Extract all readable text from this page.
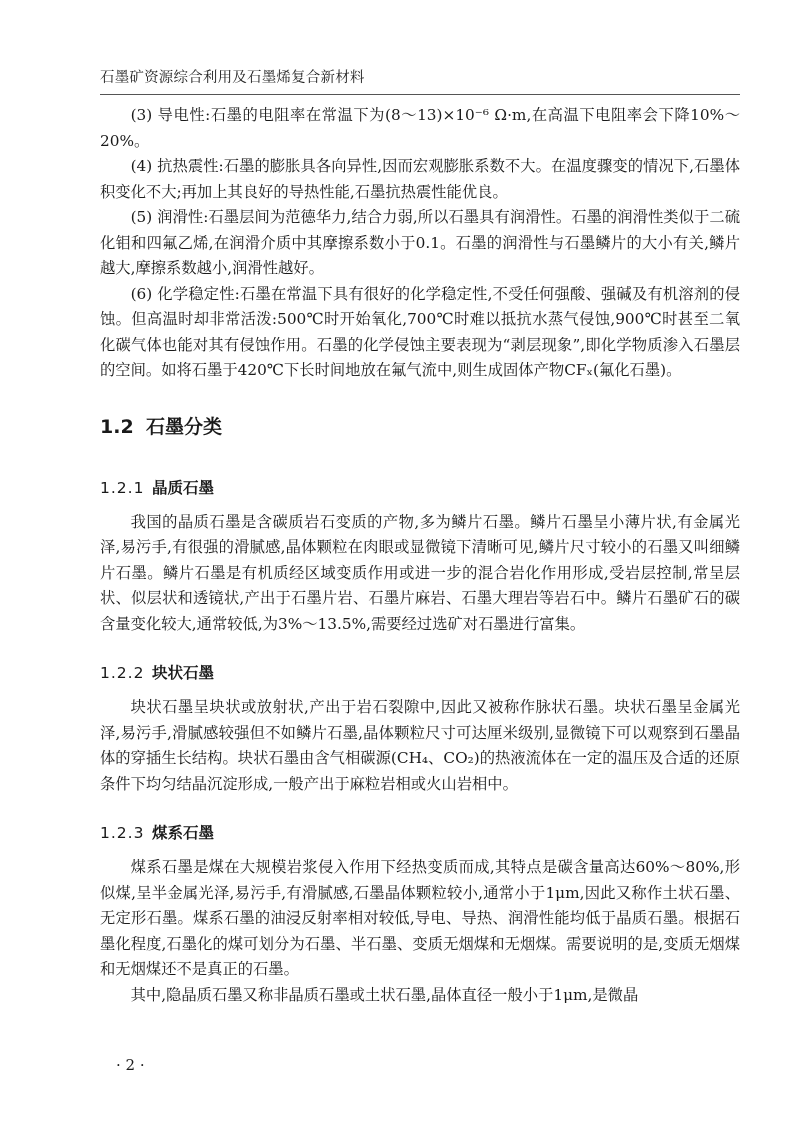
石墨矿资源综合利用及石墨烯复合新材料

(3) 导电性:石墨的电阻率在常温下为(8～13)×10⁻⁶ Ω·m,在高温下电阻率会下降10%～20%。

(4) 抗热震性:石墨的膨胀具各向异性,因而宏观膨胀系数不大。在温度骤变的情况下,石墨体积变化不大;再加上其良好的导热性能,石墨抗热震性能优良。

(5) 润滑性:石墨层间为范德华力,结合力弱,所以石墨具有润滑性。石墨的润滑性类似于二硫化钼和四氟乙烯,在润滑介质中其摩擦系数小于0.1。石墨的润滑性与石墨鳞片的大小有关,鳞片越大,摩擦系数越小,润滑性越好。

(6) 化学稳定性:石墨在常温下具有很好的化学稳定性,不受任何强酸、强碱及有机溶剂的侵蚀。但高温时却非常活泼:500℃时开始氧化,700℃时难以抵抗水蒸气侵蚀,900℃时甚至二氧化碳气体也能对其有侵蚀作用。石墨的化学侵蚀主要表现为“剥层现象”,即化学物质渗入石墨层的空间。如将石墨于420℃下长时间地放在氟气流中,则生成固体产物CFₓ(氟化石墨)。

1.2 石墨分类
1.2.1 晶质石墨

我国的晶质石墨是含碳质岩石变质的产物,多为鳞片石墨。鳞片石墨呈小薄片状,有金属光泽,易污手,有很强的滑腻感,晶体颗粒在肉眼或显微镜下清晰可见,鳞片尺寸较小的石墨又叫细鳞片石墨。鳞片石墨是有机质经区域变质作用或进一步的混合岩化作用形成,受岩层控制,常呈层状、似层状和透镜状,产出于石墨片岩、石墨片麻岩、石墨大理岩等岩石中。鳞片石墨矿石的碳含量变化较大,通常较低,为3%～13.5%,需要经过选矿对石墨进行富集。

1.2.2 块状石墨

块状石墨呈块状或放射状,产出于岩石裂隙中,因此又被称作脉状石墨。块状石墨呈金属光泽,易污手,滑腻感较强但不如鳞片石墨,晶体颗粒尺寸可达厘米级别,显微镜下可以观察到石墨晶体的穿插生长结构。块状石墨由含气相碳源(CH₄、CO₂)的热液流体在一定的温压及合适的还原条件下均匀结晶沉淀形成,一般产出于麻粒岩相或火山岩相中。

1.2.3 煤系石墨

煤系石墨是煤在大规模岩浆侵入作用下经热变质而成,其特点是碳含量高达60%～80%,形似煤,呈半金属光泽,易污手,有滑腻感,石墨晶体颗粒较小,通常小于1μm,因此又称作土状石墨、无定形石墨。煤系石墨的油浸反射率相对较低,导电、导热、润滑性能均低于晶质石墨。根据石墨化程度,石墨化的煤可划分为石墨、半石墨、变质无烟煤和无烟煤。需要说明的是,变质无烟煤和无烟煤还不是真正的石墨。

其中,隐晶质石墨又称非晶质石墨或土状石墨,晶体直径一般小于1μm,是微晶

· 2 ·
